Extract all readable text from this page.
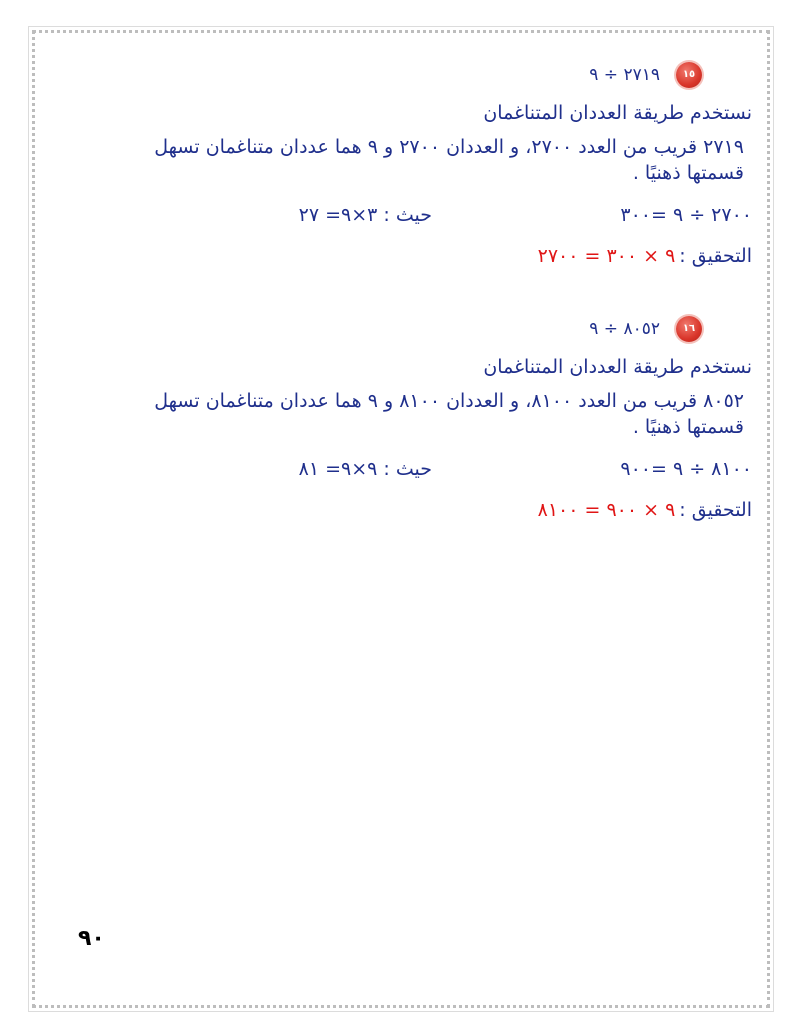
١٥
٢٧١٩ ÷ ٩

نستخدم طريقة العددان المتناغمان

٢٧١٩ قريب من العدد ٢٧٠٠، و العددان ٢٧٠٠ و ٩ هما عددان متناغمان تسهل

قسمتها ذهنيًا .

٢٧٠٠ ÷ ٩ =٣٠٠
حيث : ٣×٩= ٢٧
التحقيق :
٩ × ٣٠٠ = ٢٧٠٠
١٦
٨٠٥٢ ÷ ٩

نستخدم طريقة العددان المتناغمان

٨٠٥٢ قريب من العدد ٨١٠٠، و العددان ٨١٠٠ و ٩ هما عددان متناغمان تسهل

قسمتها ذهنيًا .

٨١٠٠ ÷ ٩ =٩٠٠
حيث : ٩×٩= ٨١
التحقيق :
٩ × ٩٠٠ = ٨١٠٠
٩٠
